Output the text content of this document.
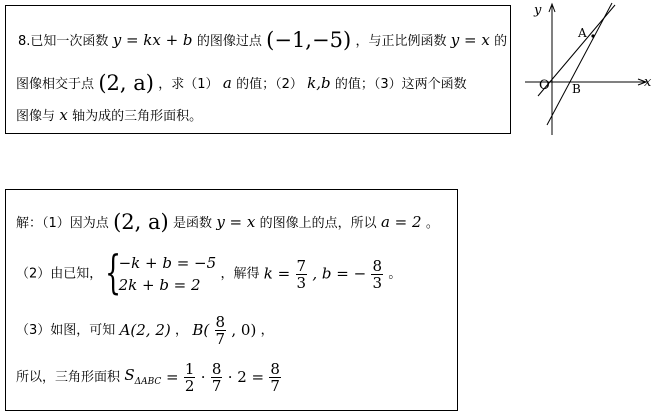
8.已知一次函数 y = kx + b 的图像过点 (−1,−5) ，与正比例函数 y = x 的
图像相交于点 (2, a) ，求（1） a 的值；（2） k,b 的值；（3）这两个函数
图像与 x 轴为成的三角形面积。
y
x
O
A
B
解：（1）因为点 (2, a) 是函数 y = x 的图像上的点，所以 a = 2 。
（2）由已知， {
−k + b = −5
2k + b = 2
，解得 $k = \frac{7}{3}$ , b = − $\frac{8}{3}$ 。
（3）如图，可知 A(2, 2) ， $B( \frac{8}{7}$ , 0) ，
所以，三角形面积 $S_{\Delta ABC} = \frac{1}{2} \cdot \frac{8}{7} \cdot 2 = \frac{8}{7}$
